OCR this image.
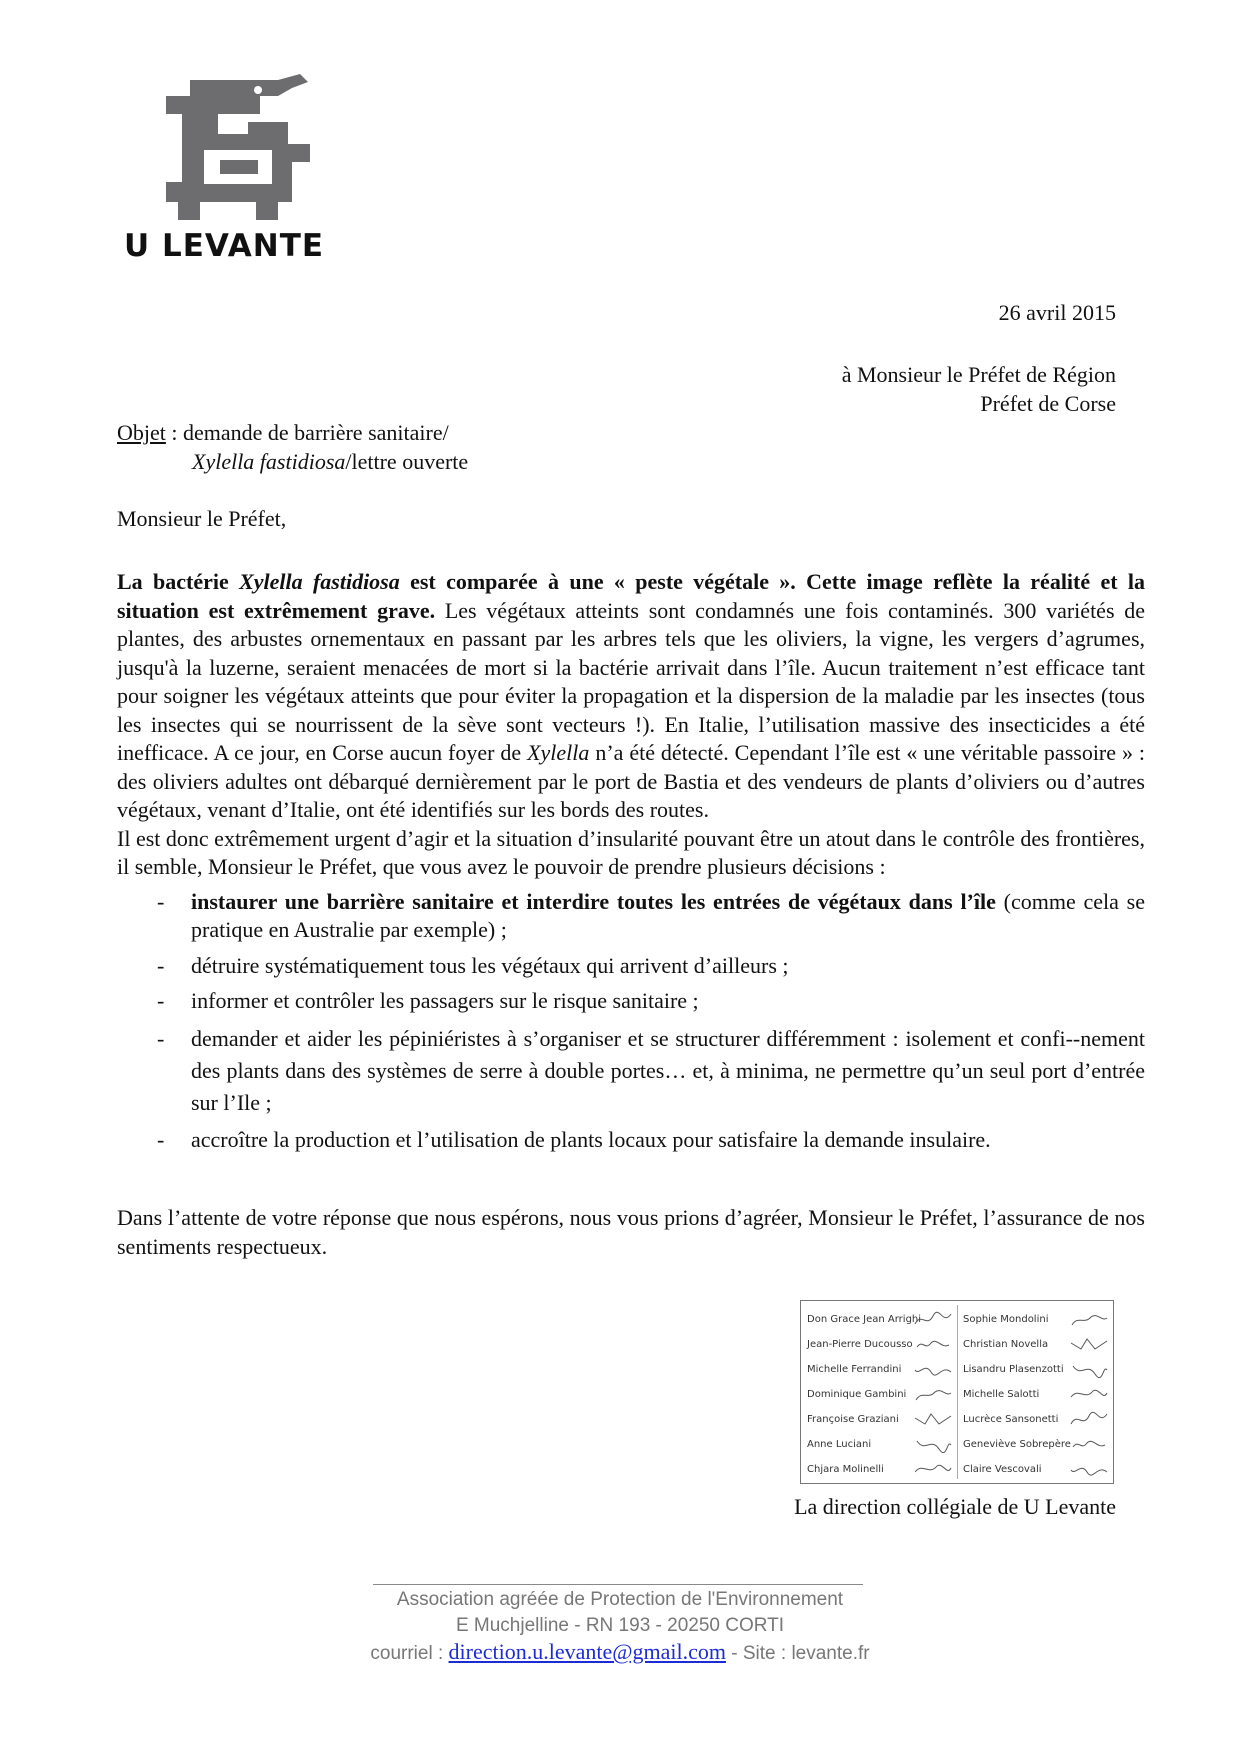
U LEVANTE
26 avril 2015
à Monsieur le Préfet de Région
Préfet de Corse
Objet : demande de barrière sanitaire/
Xylella fastidiosa/lettre ouverte
Monsieur le Préfet,

La bactérie Xylella fastidiosa est comparée à une « peste végétale ». Cette image reflète la réalité et la situation est extrêmement grave. Les végétaux atteints sont condamnés une fois contaminés. 300 variétés de plantes, des arbustes ornementaux en passant par les arbres tels que les oliviers, la vigne, les vergers d’agrumes, jusqu'à la luzerne, seraient menacées de mort si la bactérie arrivait dans l’île. Aucun traitement n’est efficace tant pour soigner les végétaux atteints que pour éviter la propagation et la dispersion de la maladie par les insectes (tous les insectes qui se nourrissent de la sève sont vecteurs !). En Italie, l’utilisation massive des insecticides a été inefficace. A ce jour, en Corse aucun foyer de Xylella n’a été détecté. Cependant l’île est « une véritable passoire » : des oliviers adultes ont débarqué dernièrement par le port de Bastia et des vendeurs de plants d’oliviers ou d’autres végétaux, venant d’Italie, ont été identifiés sur les bords des routes.

Il est donc extrêmement urgent d’agir et la situation d’insularité pouvant être un atout dans le contrôle des frontières, il semble, Monsieur le Préfet, que vous avez le pouvoir de prendre plusieurs décisions :

- instaurer une barrière sanitaire et interdire toutes les entrées de végétaux dans l’île (comme cela se pratique en Australie par exemple) ;
- détruire systématiquement tous les végétaux qui arrivent d’ailleurs ;
- informer et contrôler les passagers sur le risque sanitaire ;
- demander et aider les pépiniéristes à s’organiser et se structurer différemment : isolement et confi--nement des plants dans des systèmes de serre à double portes… et, à minima, ne permettre qu’un seul port d’entrée sur l’Ile ;
- accroître la production et l’utilisation de plants locaux pour satisfaire la demande insulaire.
Dans l’attente de votre réponse que nous espérons, nous vous prions d’agréer, Monsieur le Préfet, l’assurance de nos sentiments respectueux.
Don Grace Jean Arrighi
Jean-Pierre Ducousso
Michelle Ferrandini
Dominique Gambini
Françoise Graziani
Anne Luciani
Chjara Molinelli
Sophie Mondolini
Christian Novella
Lisandru Plasenzotti
Michelle Salotti
Lucrèce Sansonetti
Geneviève Sobrepère
Claire Vescovali
La direction collégiale de U Levante
Association agréée de Protection de l'Environnement
E Muchjelline - RN 193 - 20250 CORTI
courriel : direction.u.levante@gmail.com - Site : levante.fr
